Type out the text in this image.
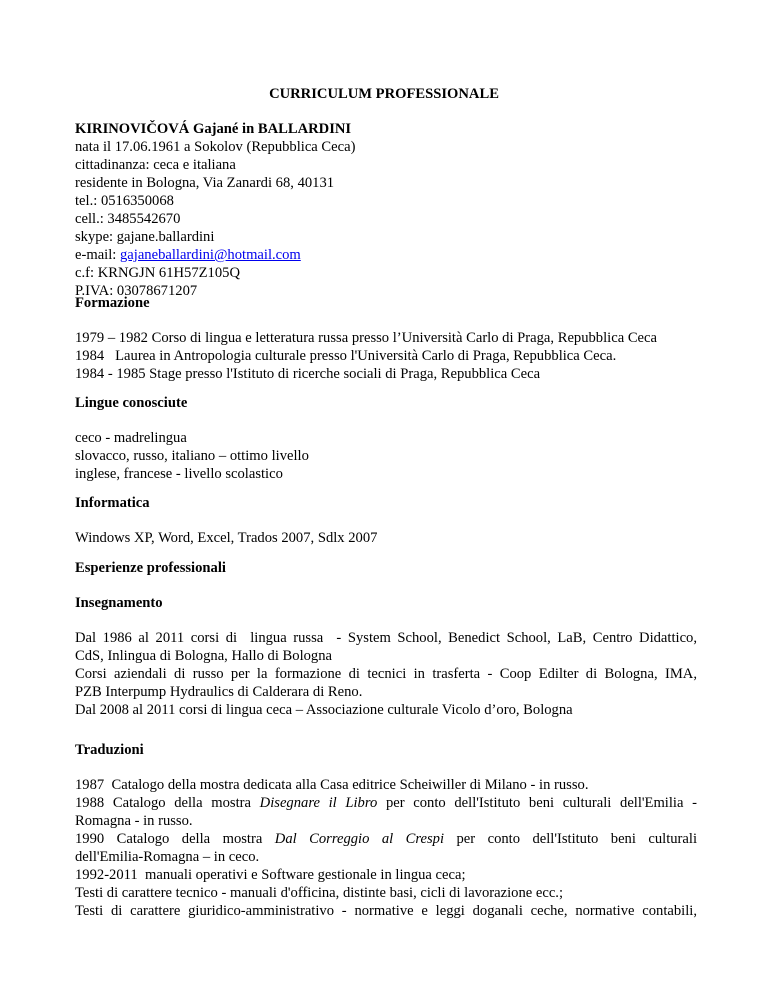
CURRICULUM PROFESSIONALE
KIRINOVIČOVÁ Gajané in BALLARDINI
nata il 17.06.1961 a Sokolov (Repubblica Ceca)
cittadinanza: ceca e italiana
residente in Bologna, Via Zanardi 68, 40131
tel.: 0516350068
cell.: 3485542670
skype: gajane.ballardini
e-mail: gajaneballardini@hotmail.com
c.f: KRNGJN 61H57Z105Q
P.IVA: 03078671207
Formazione
1979 – 1982 Corso di lingua e letteratura russa presso l’Università Carlo di Praga, Repubblica Ceca
1984   Laurea in Antropologia culturale presso l'Università Carlo di Praga, Repubblica Ceca.
1984 - 1985 Stage presso l'Istituto di ricerche sociali di Praga, Repubblica Ceca
Lingue conosciute
ceco - madrelingua
slovacco, russo, italiano – ottimo livello
inglese, francese - livello scolastico
Informatica
Windows XP, Word, Excel, Trados 2007, Sdlx 2007
Esperienze professionali
Insegnamento
Dal 1986 al 2011 corsi di  lingua russa  - System School, Benedict School, LaB, Centro Didattico,
CdS, Inlingua di Bologna, Hallo di Bologna
Corsi aziendali di russo per la formazione di tecnici in trasferta - Coop Edilter di Bologna, IMA,
PZB Interpump Hydraulics di Calderara di Reno.
Dal 2008 al 2011 corsi di lingua ceca – Associazione culturale Vicolo d’oro, Bologna
Traduzioni
1987  Catalogo della mostra dedicata alla Casa editrice Scheiwiller di Milano - in russo.
1988 Catalogo della mostra Disegnare il Libro per conto dell'Istituto beni culturali dell'Emilia -
Romagna - in russo.
1990 Catalogo della mostra Dal Correggio al Crespi per conto dell'Istituto beni culturali
dell'Emilia-Romagna – in ceco.
1992-2011  manuali operativi e Software gestionale in lingua ceca;
Testi di carattere tecnico - manuali d'officina, distinte basi, cicli di lavorazione ecc.;
Testi di carattere giuridico-amministrativo - normative e leggi doganali ceche, normative contabili,
